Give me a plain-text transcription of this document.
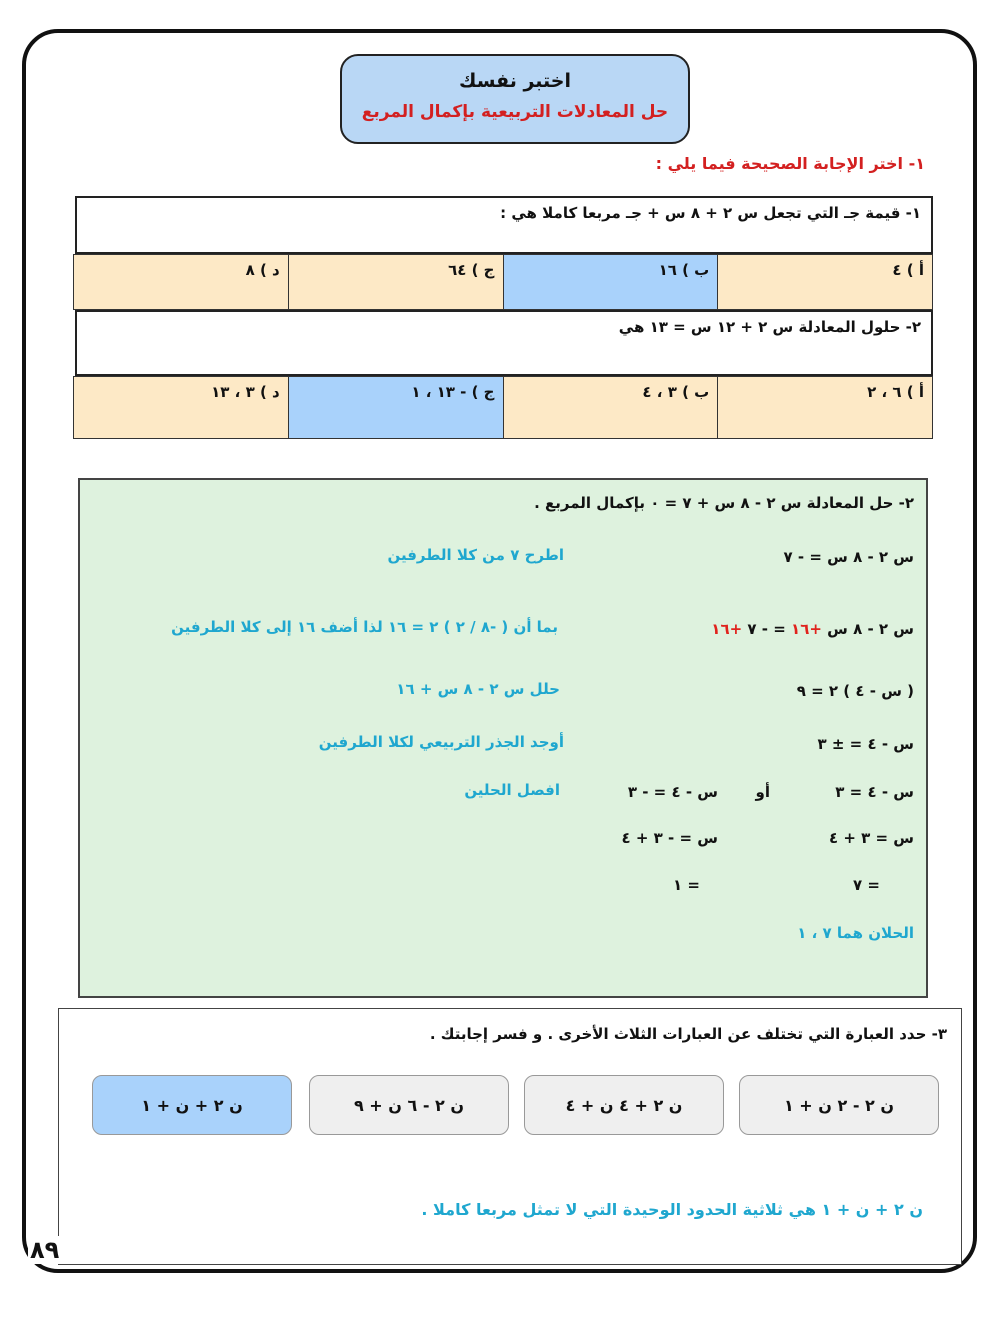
اختبر نفسك
حل المعادلات التربيعية بإكمال المربع
١- اختر الإجابة الصحيحة فيما يلي :
١- قيمة جـ التي تجعل س ٢ + ٨ س + جـ مربعا كاملا هي :
أ ) ٤
ب ) ١٦
ج ) ٦٤
د ) ٨
٢- حلول المعادلة س ٢ + ١٢ س = ١٣ هي
أ ) ٦ ، ٢
ب ) ٣ ، ٤
ج ) - ١٣ ، ١
د ) ٣ ، ١٣
٢- حل المعادلة س ٢ - ٨ س + ٧ = ٠ بإكمال المربع .
س ٢ - ٨ س = - ٧
اطرح ٧ من كلا الطرفين
س ٢ - ٨ س +١٦ = - ٧ +١٦
بما أن ( -٨ / ٢ ) ٢ = ١٦ لذا أضف ١٦ إلى كلا الطرفين
( س - ٤ ) ٢ = ٩
حلل س ٢ - ٨ س + ١٦
س - ٤ = ± ٣
أوجد الجذر التربيعي لكلا الطرفين
س - ٤ = ٣
أو
س - ٤ = - ٣
افصل الحلين
س = ٣ + ٤
س = - ٣ + ٤
= ٧
= ١
الحلان هما ٧ ، ١
٣- حدد العبارة التي تختلف عن العبارات الثلاث الأخرى . و فسر إجابتك .
ن ٢ - ٢ ن + ١
ن ٢ + ٤ ن + ٤
ن ٢ - ٦ ن + ٩
ن ٢ + ن + ١
ن ٢ + ن + ١ هي ثلاثية الحدود الوحيدة التي لا تمثل مربعا كاملا .
٨٩
